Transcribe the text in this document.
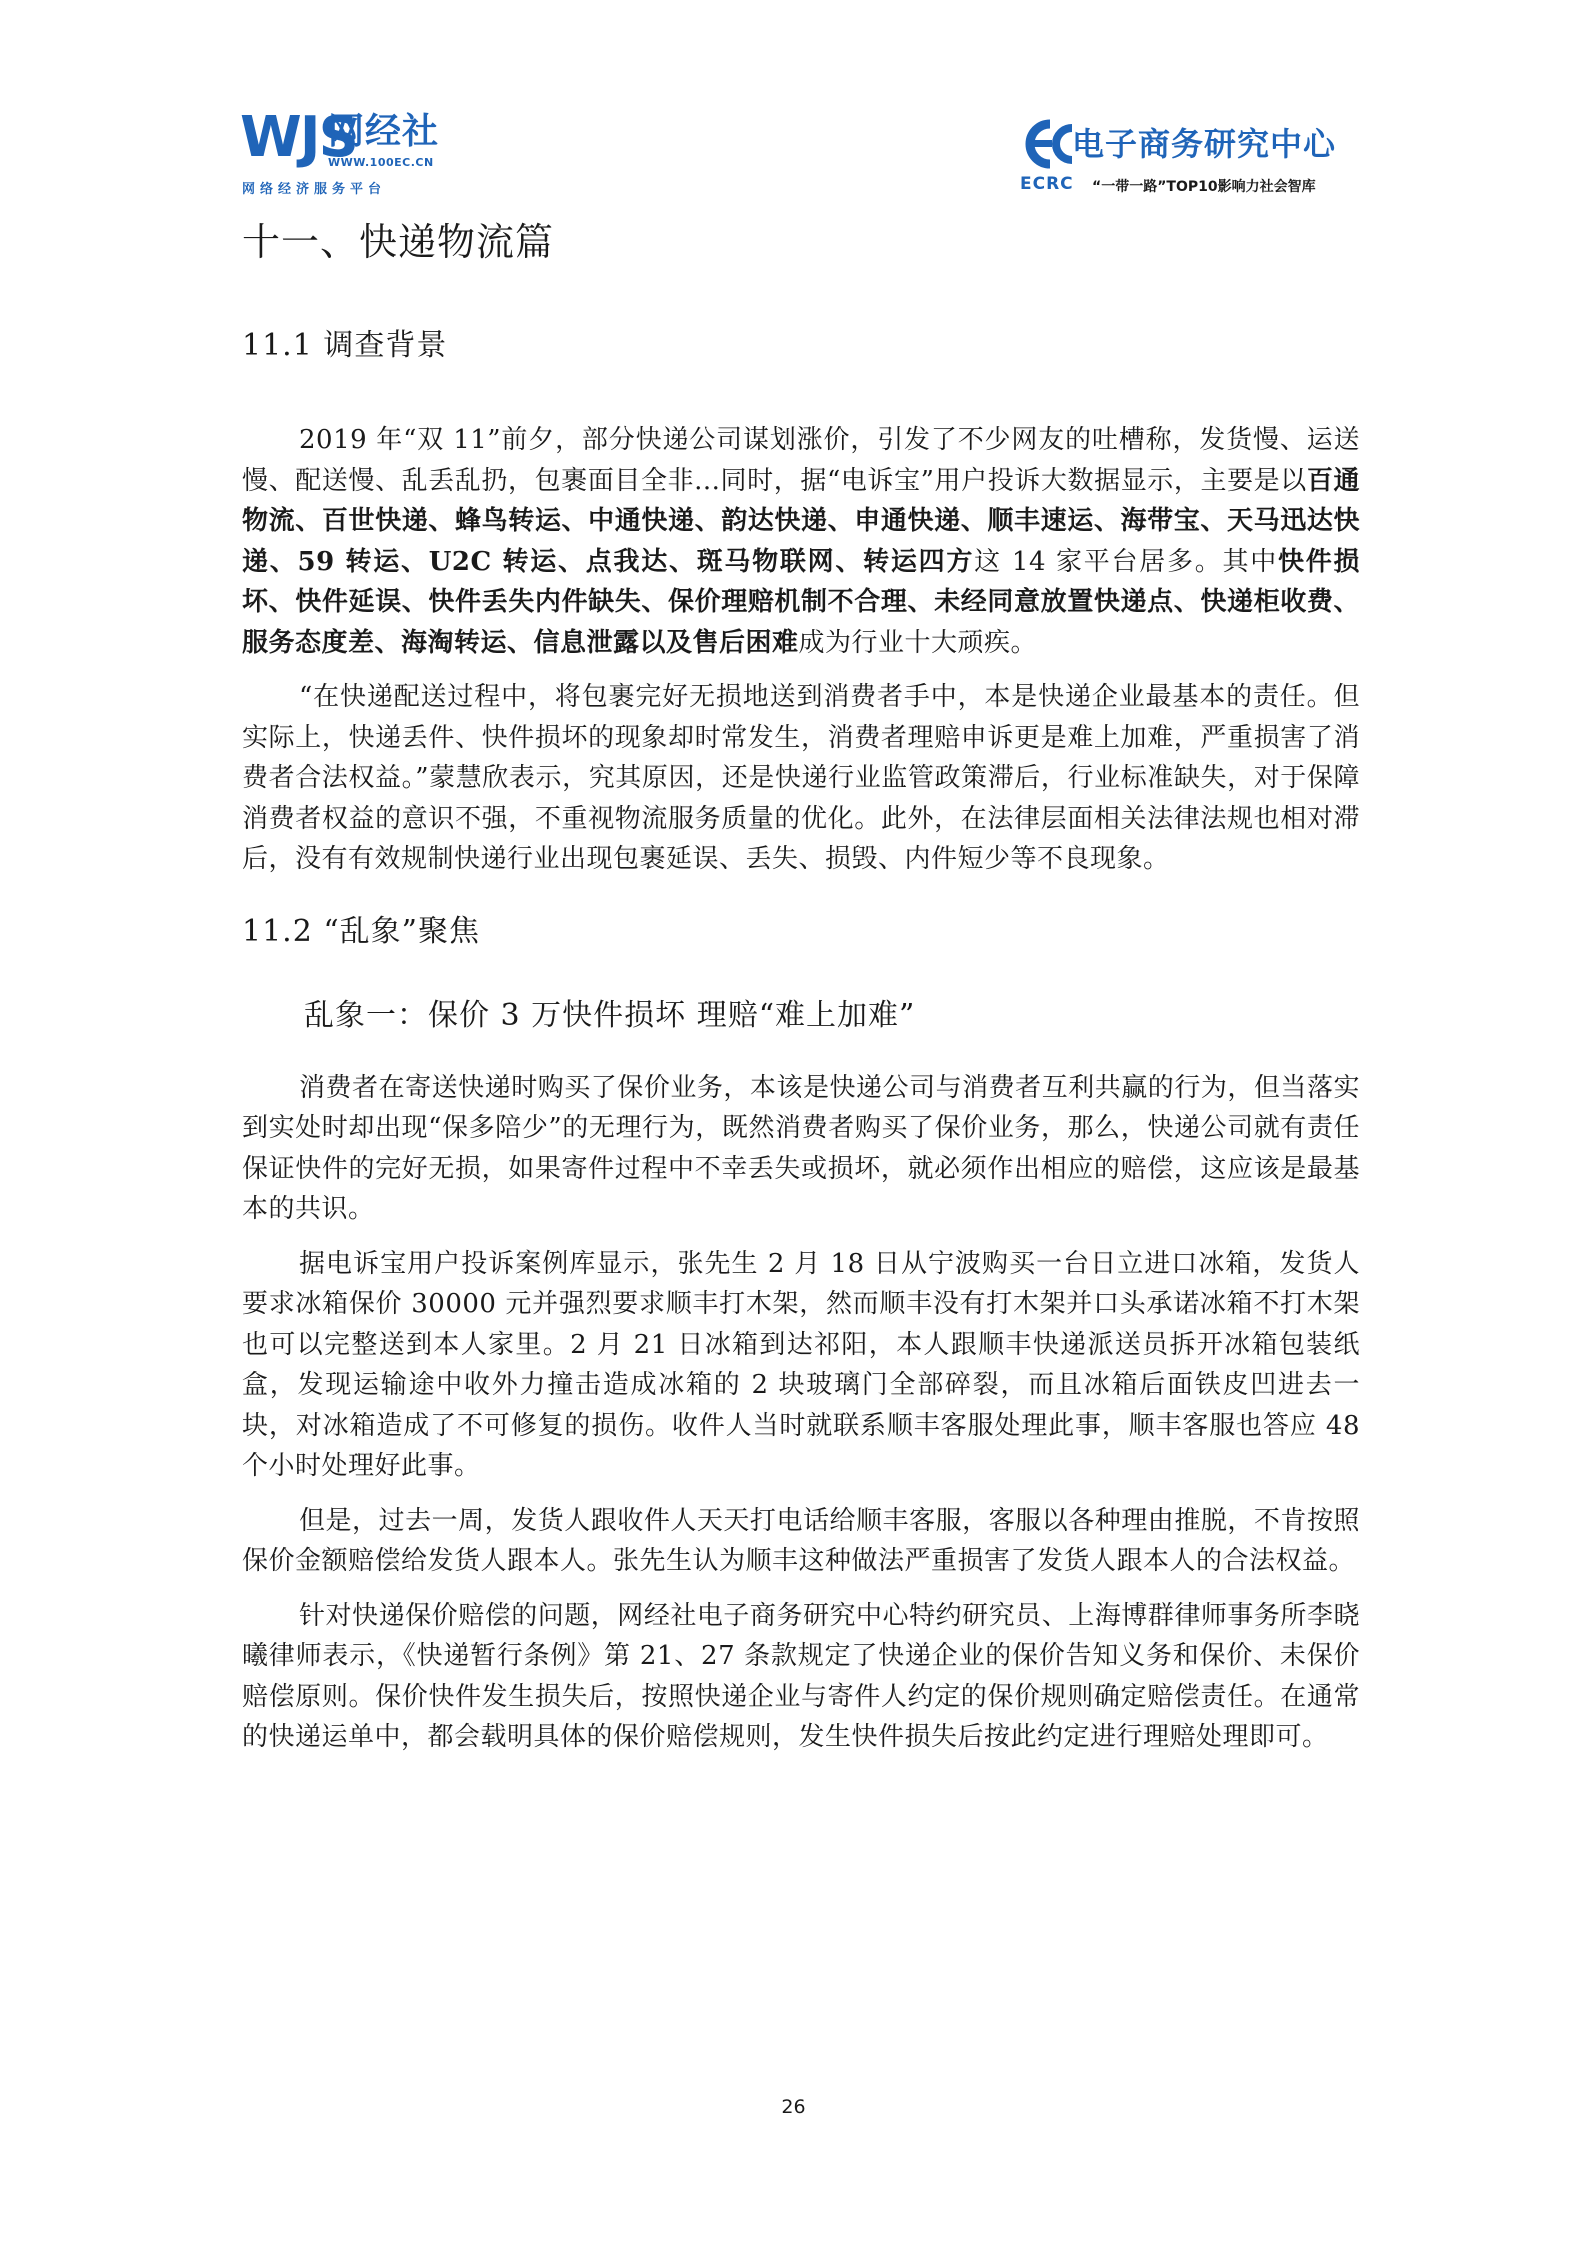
WJS
网经社
WWW.100EC.CN
网络经济服务平台
电子商务研究中心
ECRC “一带一路”TOP10影响力社会智库
十一、快递物流篇
11.1 调查背景

2019 年“双 11”前夕，部分快递公司谋划涨价，引发了不少网友的吐槽称，发货慢、运送慢、配送慢、乱丢乱扔，包裹面目全非...同时，据“电诉宝”用户投诉大数据显示，主要是以百通物流、百世快递、蜂鸟转运、中通快递、韵达快递、申通快递、顺丰速运、海带宝、天马迅达快递、59 转运、U2C 转运、点我达、斑马物联网、转运四方这 14 家平台居多。其中快件损坏、快件延误、快件丢失内件缺失、保价理赔机制不合理、未经同意放置快递点、快递柜收费、服务态度差、海淘转运、信息泄露以及售后困难成为行业十大顽疾。

“在快递配送过程中，将包裹完好无损地送到消费者手中，本是快递企业最基本的责任。但实际上，快递丢件、快件损坏的现象却时常发生，消费者理赔申诉更是难上加难，严重损害了消费者合法权益。”蒙慧欣表示，究其原因，还是快递行业监管政策滞后，行业标准缺失，对于保障消费者权益的意识不强，不重视物流服务质量的优化。此外，在法律层面相关法律法规也相对滞后，没有有效规制快递行业出现包裹延误、丢失、损毁、内件短少等不良现象。

11.2 “乱象”聚焦
乱象一：保价 3 万快件损坏 理赔“难上加难”

消费者在寄送快递时购买了保价业务，本该是快递公司与消费者互利共赢的行为，但当落实到实处时却出现“保多陪少”的无理行为，既然消费者购买了保价业务，那么，快递公司就有责任保证快件的完好无损，如果寄件过程中不幸丢失或损坏，就必须作出相应的赔偿，这应该是最基本的共识。

据电诉宝用户投诉案例库显示，张先生 2 月 18 日从宁波购买一台日立进口冰箱，发货人要求冰箱保价 30000 元并强烈要求顺丰打木架，然而顺丰没有打木架并口头承诺冰箱不打木架也可以完整送到本人家里。2 月 21 日冰箱到达祁阳，本人跟顺丰快递派送员拆开冰箱包装纸盒，发现运输途中收外力撞击造成冰箱的 2 块玻璃门全部碎裂，而且冰箱后面铁皮凹进去一块，对冰箱造成了不可修复的损伤。收件人当时就联系顺丰客服处理此事，顺丰客服也答应 48 个小时处理好此事。

但是，过去一周，发货人跟收件人天天打电话给顺丰客服，客服以各种理由推脱，不肯按照保价金额赔偿给发货人跟本人。张先生认为顺丰这种做法严重损害了发货人跟本人的合法权益。

针对快递保价赔偿的问题，网经社电子商务研究中心特约研究员、上海博群律师事务所李晓曦律师表示，《快递暂行条例》第 21、27 条款规定了快递企业的保价告知义务和保价、未保价赔偿原则。保价快件发生损失后，按照快递企业与寄件人约定的保价规则确定赔偿责任。在通常的快递运单中，都会载明具体的保价赔偿规则，发生快件损失后按此约定进行理赔处理即可。

26
